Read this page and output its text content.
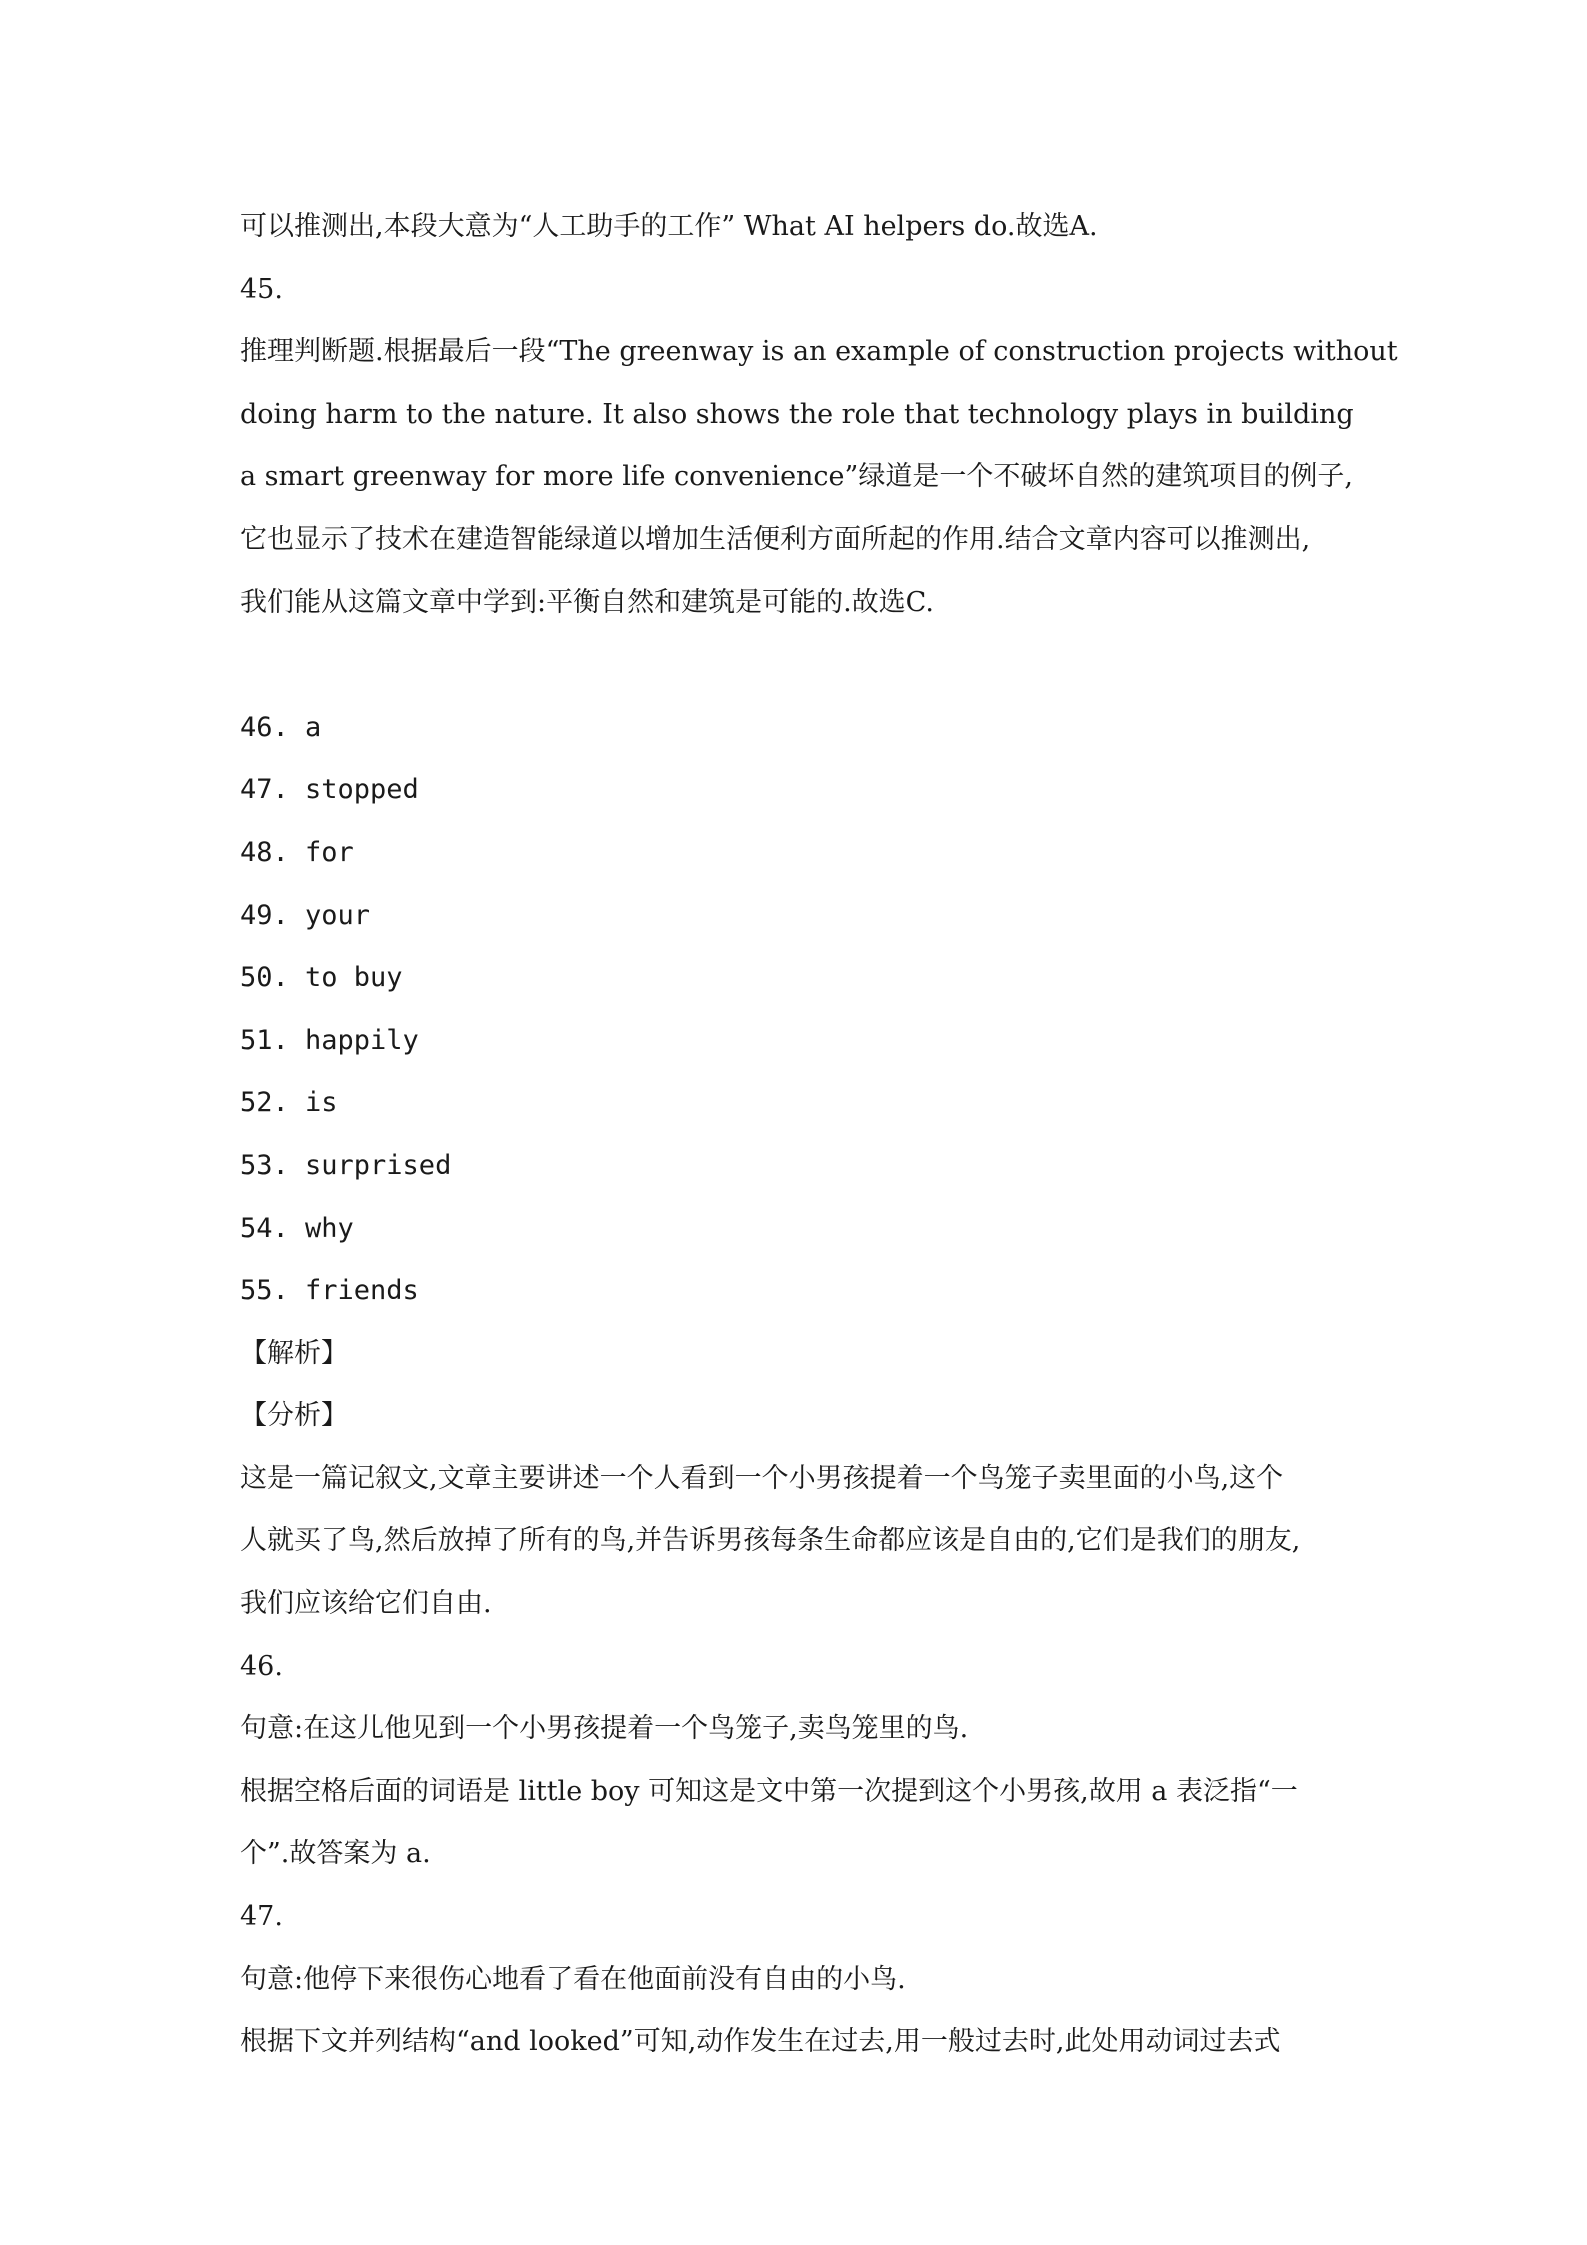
可以推测出,本段大意为“人工助手的工作” What AI helpers do.故选A.
45.
推理判断题.根据最后一段“The greenway is an example of construction projects without
doing harm to the nature. It also shows the role that technology plays in building
a smart greenway for more life convenience”绿道是一个不破坏自然的建筑项目的例子,
它也显示了技术在建造智能绿道以增加生活便利方面所起的作用.结合文章内容可以推测出,
我们能从这篇文章中学到:平衡自然和建筑是可能的.故选C.
46. a
47. stopped
48. for
49. your
50. to buy
51. happily
52. is
53. surprised
54. why
55. friends
【解析】
【分析】
这是一篇记叙文,文章主要讲述一个人看到一个小男孩提着一个鸟笼子卖里面的小鸟,这个
人就买了鸟,然后放掉了所有的鸟,并告诉男孩每条生命都应该是自由的,它们是我们的朋友,
我们应该给它们自由.
46.
句意:在这儿他见到一个小男孩提着一个鸟笼子,卖鸟笼里的鸟.
根据空格后面的词语是 little boy 可知这是文中第一次提到这个小男孩,故用 a 表泛指“一
个”.故答案为 a.
47.
句意:他停下来很伤心地看了看在他面前没有自由的小鸟.
根据下文并列结构“and looked”可知,动作发生在过去,用一般过去时,此处用动词过去式
